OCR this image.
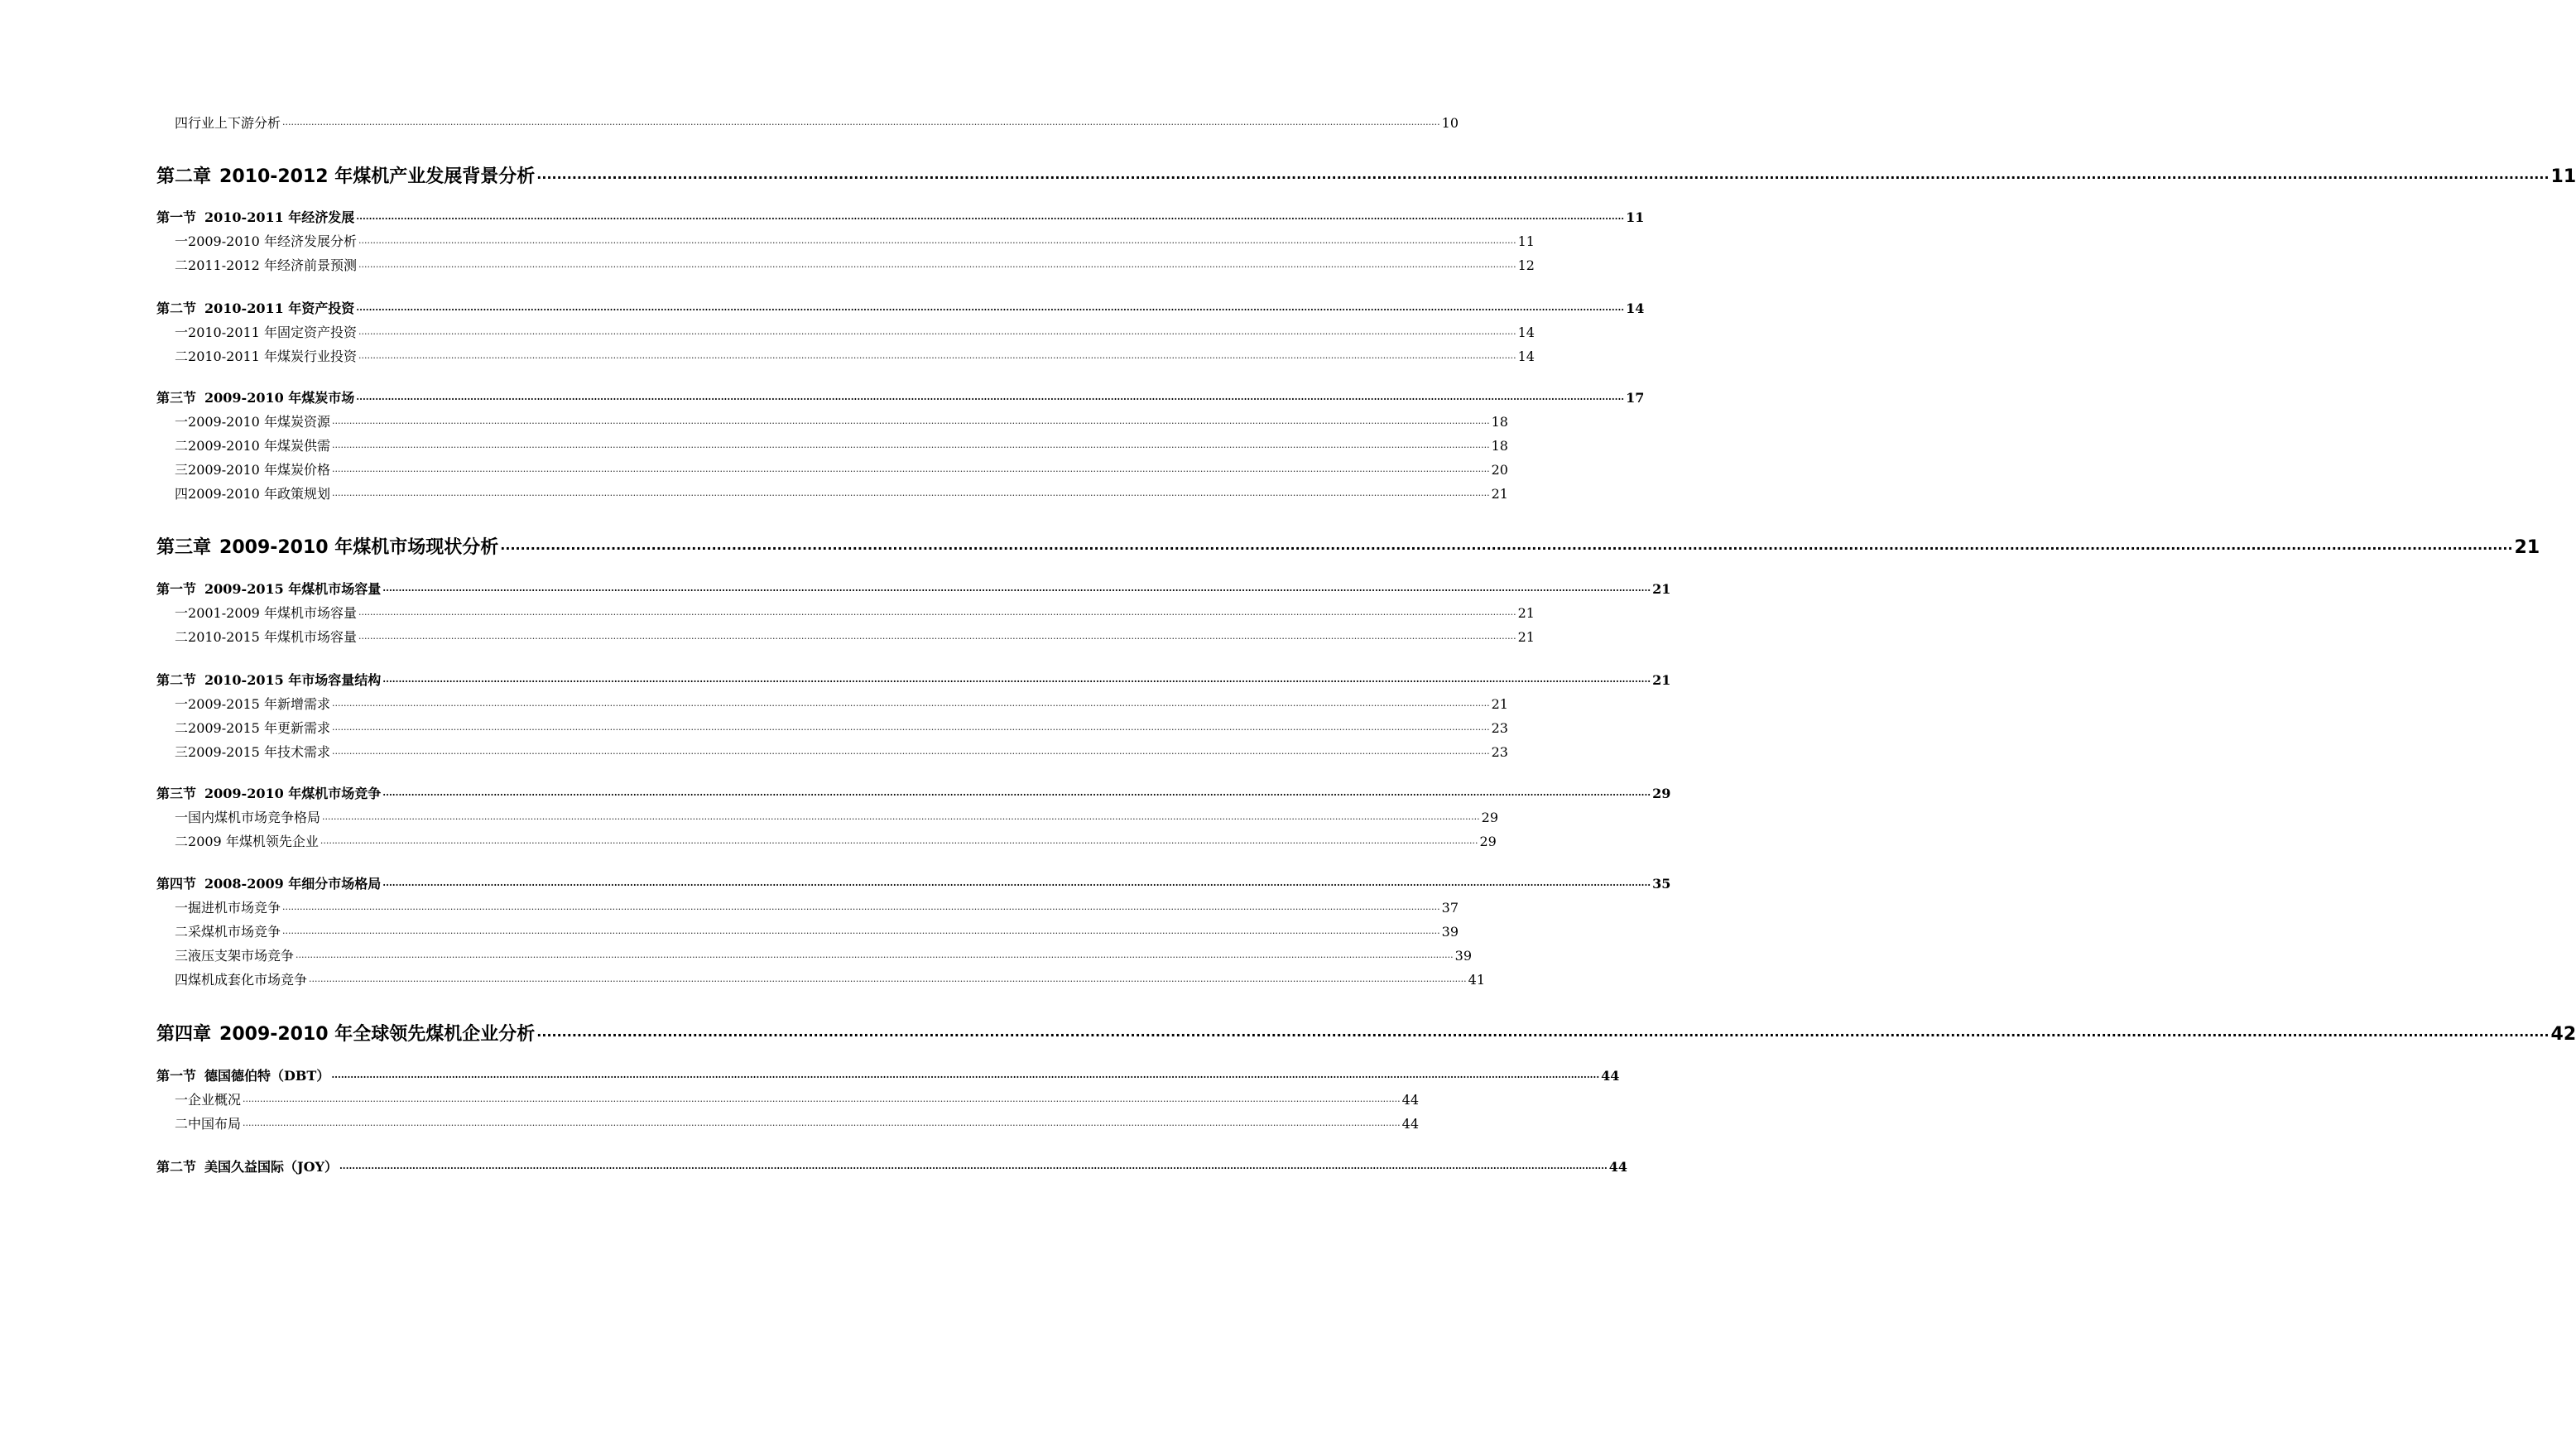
四 行业上下游分析 ················································································································································································································································································································································································································ 10
第二章 2010-2012 年煤机产业发展背景分析 ················································································································································································································································································································································································································ 11
第一节 2010-2011 年经济发展 ················································································································································································································································································································································································································ 11
一 2009-2010 年经济发展分析 ················································································································································································································································································································································································································ 11
二 2011-2012 年经济前景预测 ················································································································································································································································································································································································································ 12
第二节 2010-2011 年资产投资 ················································································································································································································································································································································································································ 14
一 2010-2011 年固定资产投资 ················································································································································································································································································································································································································ 14
二 2010-2011 年煤炭行业投资 ················································································································································································································································································································································································································ 14
第三节 2009-2010 年煤炭市场 ················································································································································································································································································································································································································ 17
一 2009-2010 年煤炭资源 ················································································································································································································································································································································································································ 18
二 2009-2010 年煤炭供需 ················································································································································································································································································································································································································ 18
三 2009-2010 年煤炭价格 ················································································································································································································································································································································································································ 20
四 2009-2010 年政策规划 ················································································································································································································································································································································································································ 21
第三章 2009-2010 年煤机市场现状分析 ················································································································································································································································································································································································································ 21
第一节 2009-2015 年煤机市场容量 ················································································································································································································································································································································································································ 21
一 2001-2009 年煤机市场容量 ················································································································································································································································································································································································································ 21
二 2010-2015 年煤机市场容量 ················································································································································································································································································································································································································ 21
第二节 2010-2015 年市场容量结构 ················································································································································································································································································································································································································ 21
一 2009-2015 年新增需求 ················································································································································································································································································································································································································ 21
二 2009-2015 年更新需求 ················································································································································································································································································································································································································ 23
三 2009-2015 年技术需求 ················································································································································································································································································································································································································ 23
第三节 2009-2010 年煤机市场竞争 ················································································································································································································································································································································································································ 29
一 国内煤机市场竞争格局 ················································································································································································································································································································································································································ 29
二 2009 年煤机领先企业 ················································································································································································································································································································································································································ 29
第四节 2008-2009 年细分市场格局 ················································································································································································································································································································································································································ 35
一 掘进机市场竞争 ················································································································································································································································································································································································································ 37
二 采煤机市场竞争 ················································································································································································································································································································································································································ 39
三 液压支架市场竞争 ················································································································································································································································································································································································································ 39
四 煤机成套化市场竞争 ················································································································································································································································································································································································································ 41
第四章 2009-2010 年全球领先煤机企业分析 ················································································································································································································································································································································································································ 42
第一节 德国德伯特（DBT） ················································································································································································································································································································································································································ 44
一 企业概况 ················································································································································································································································································································································································································ 44
二 中国布局 ················································································································································································································································································································································································································ 44
第二节 美国久益国际（JOY） ················································································································································································································································································································································································································ 44
